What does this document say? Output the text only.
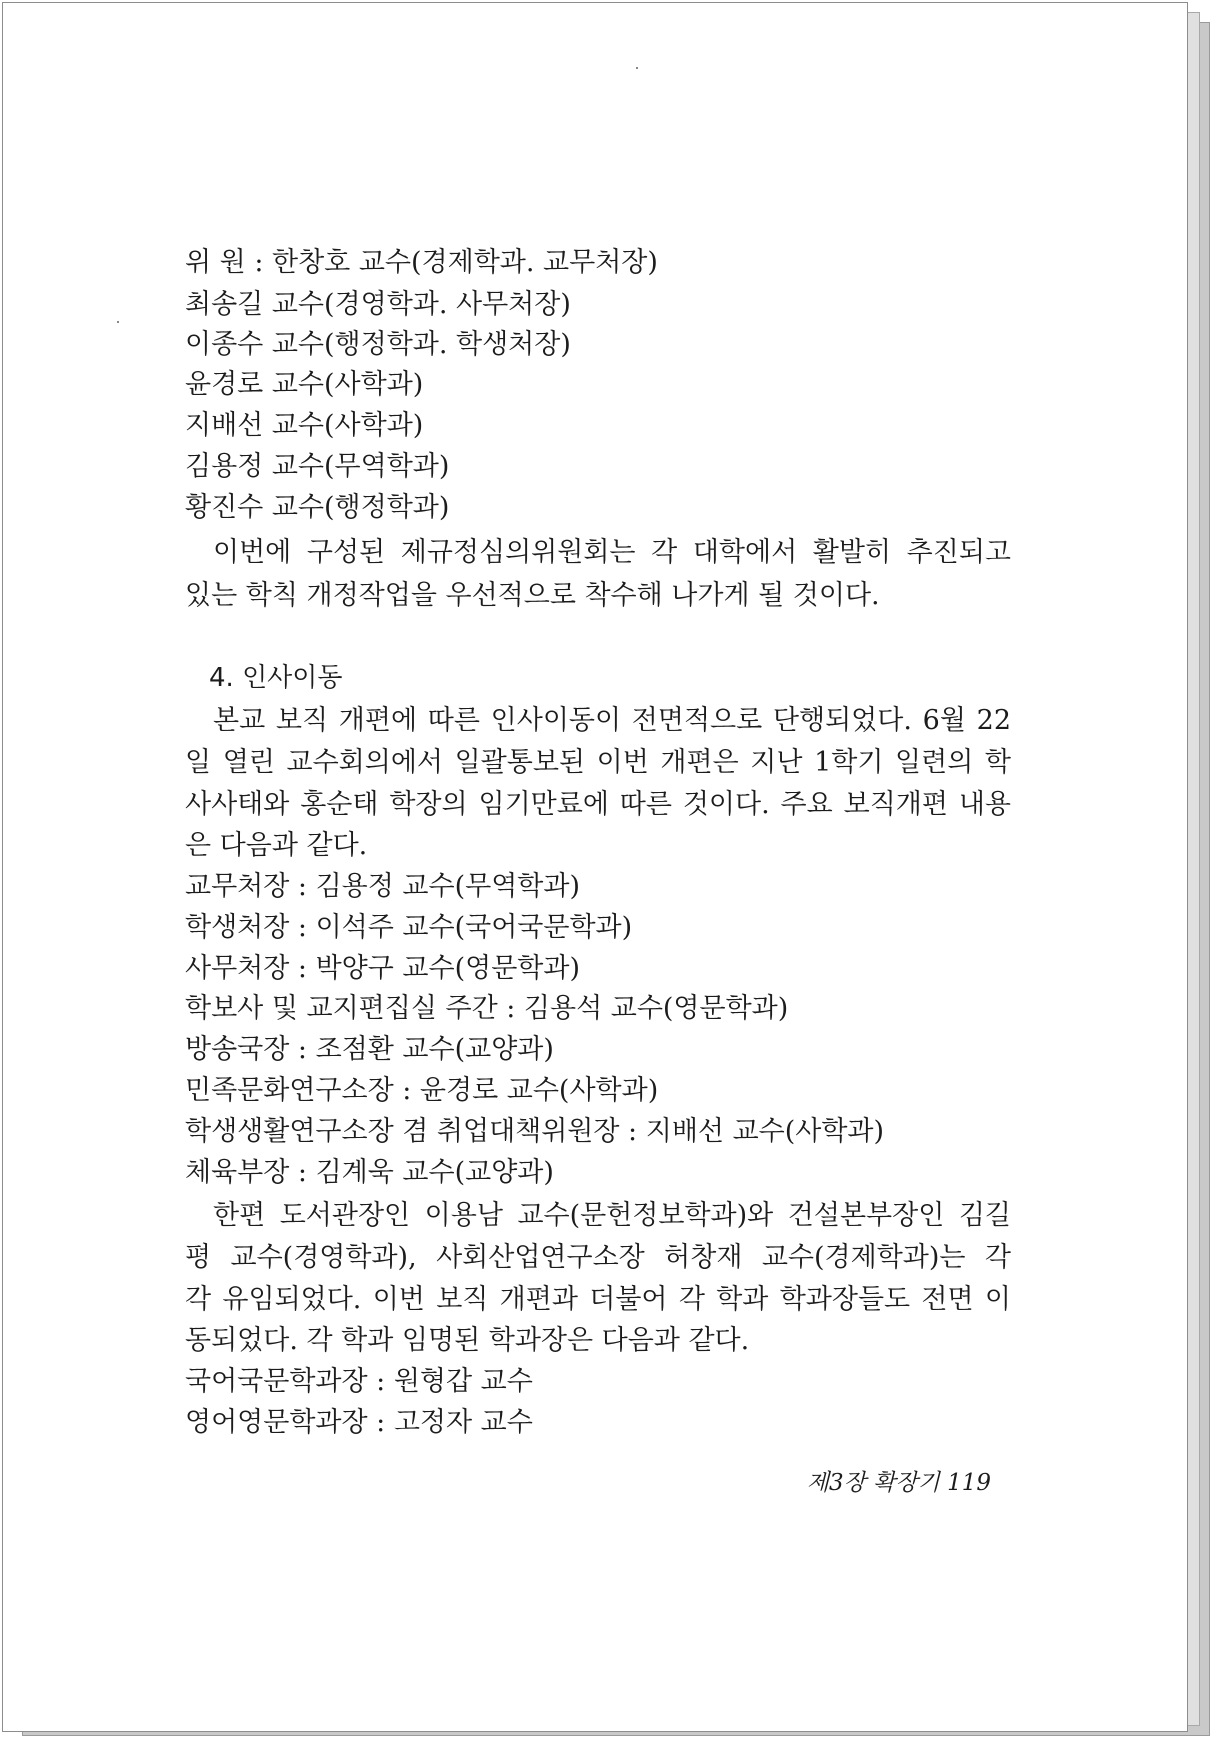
위 원 : 한창호 교수(경제학과. 교무처장)
최송길 교수(경영학과. 사무처장)
이종수 교수(행정학과. 학생처장)
윤경로 교수(사학과)
지배선 교수(사학과)
김용정 교수(무역학과)
황진수 교수(행정학과)
이번에 구성된 제규정심의위원회는 각 대학에서 활발히 추진되고
있는 학칙 개정작업을 우선적으로 착수해 나가게 될 것이다.
4. 인사이동
본교 보직 개편에 따른 인사이동이 전면적으로 단행되었다. 6월 22
일 열린 교수회의에서 일괄통보된 이번 개편은 지난 1학기 일련의 학
사사태와 홍순태 학장의 임기만료에 따른 것이다. 주요 보직개편 내용
은 다음과 같다.
교무처장 : 김용정 교수(무역학과)
학생처장 : 이석주 교수(국어국문학과)
사무처장 : 박양구 교수(영문학과)
학보사 및 교지편집실 주간 : 김용석 교수(영문학과)
방송국장 : 조점환 교수(교양과)
민족문화연구소장 : 윤경로 교수(사학과)
학생생활연구소장 겸 취업대책위원장 : 지배선 교수(사학과)
체육부장 : 김계욱 교수(교양과)
한편 도서관장인 이용남 교수(문헌정보학과)와 건설본부장인 김길
평 교수(경영학과), 사회산업연구소장 허창재 교수(경제학과)는 각
각 유임되었다. 이번 보직 개편과 더불어 각 학과 학과장들도 전면 이
동되었다. 각 학과 임명된 학과장은 다음과 같다.
국어국문학과장 : 원형갑 교수
영어영문학과장 : 고정자 교수
제3장 확장기 119
